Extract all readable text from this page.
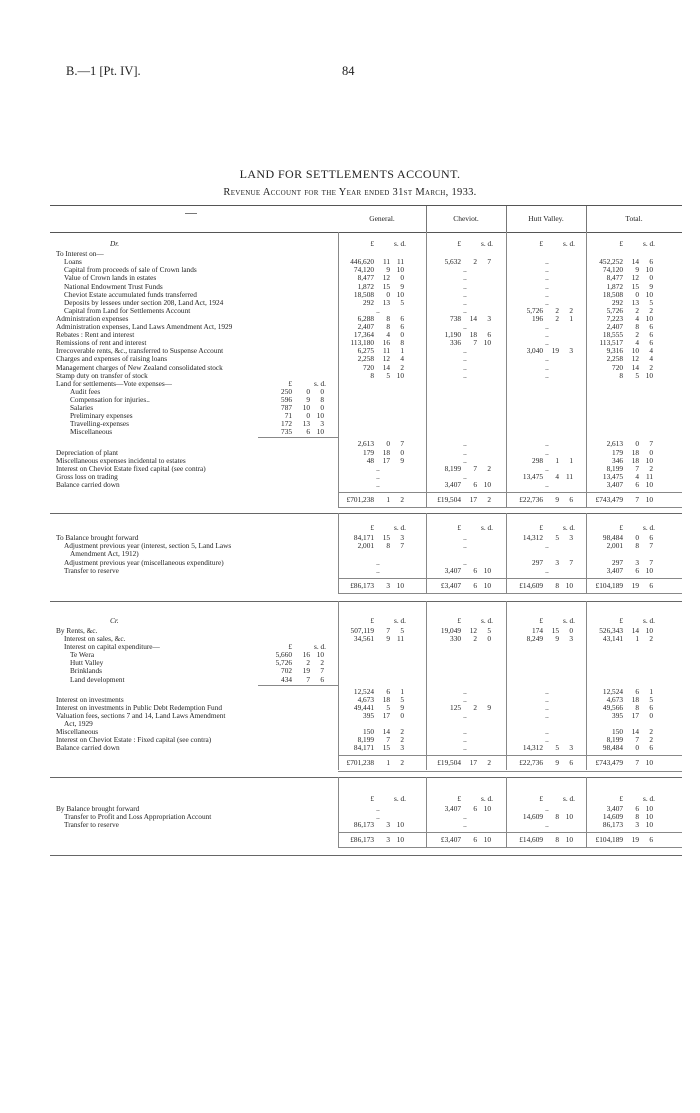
B.—1 [Pt. IV].	84
LAND FOR SETTLEMENTS ACCOUNT.
Revenue Account for the Year ended 31st March, 1933.
General.	Cheviot.	Hutt Valley.	Total.
Dr.	£	s. d.	£	s. d.	£	s. d.	£	s. d.
To Interest on—
Loans	446,620	11 11	5,632	2	7	..	452,252	14	6
Capital from proceeds of sale of Crown lands	74,120	9 10	..	..	74,120	9 10
Value of Crown lands in estates	8,477	12	0	..	..	8,477	12	0
National Endowment Trust Funds	1,872	15	9	..	..	1,872	15	9
Cheviot Estate accumulated funds transferred	18,508	0 10	..	..	18,508	0 10
Deposits by lessees under section 208, Land Act, 1924	292	13	5	..	..	292	13	5
Capital from Land for Settlements Account	..	..	5,726	2	2	5,726	2	2
Administration expenses	6,288	8	6	738	14	3	196	2	1	7,223	4 10
Administration expenses, Land Laws Amendment Act, 1929	2,407	8	6	..	..	2,407	8	6
Rebates : Rent and interest	17,364	4	0	1,190	18	6	..	18,555	2	6
Remissions of rent and interest	113,180	16	8	336	7 10	..	113,517	4	6
Irrecoverable rents, &c., transferred to Suspense Account	6,275	11	1	..	3,040	19	3	9,316	10	4
Charges and expenses of raising loans	2,258	12	4	..	..	2,258	12	4
Management charges of New Zealand consolidated stock	720	14	2	..	..	720	14	2
Stamp duty on transfer of stock	8	5 10	..	..	8	5 10
Land for settlements—Vote expenses—	£	s. d.
Audit fees	250	0	0
Compensation for injuries..	596	9	8
Salaries	787	10	0
Preliminary expenses	71	0 10
Travelling-expenses	172	13	3
Miscellaneous	735	6 10
2,613	0	7	..	..	2,613	0	7
Depreciation of plant	179	18	0	..	..	179	18	0
Miscellaneous expenses incidental to estates	48	17	9	..	298	1	1	346	18 10
Interest on Cheviot Estate fixed capital (see contra)	..	8,199	7	2	..	8,199	7	2
Gross loss on trading	..	..	13,475	4 11	13,475	4 11
Balance carried down	..	3,407	6 10	..	3,407	6 10
£701,238	1	2	£19,504	17	2	£22,736	9	6	£743,479	7 10
£	s. d.	£	s. d.	£	s. d.	£	s. d.
To Balance brought forward	84,171	15	3	..	14,312	5	3	98,484	0	6
Adjustment previous year (interest, section 5, Land Laws	2,001	8	7	..	..	2,001	8	7
Amendment Act, 1912)
Adjustment previous year (miscellaneous expenditure)	..	..	297	3	7	297	3	7
Transfer to reserve	..	3,407	6 10	..	3,407	6 10
£86,173	3 10	£3,407	6 10	£14,609	8 10	£104,189	19	6
Cr.	£	s. d.	£	s. d.	£	s. d.	£	s. d.
By Rents, &c.	507,119	7	5	19,049	12	5	174	15	0	526,343	14 10
Interest on sales, &c.	34,561	9 11	330	2	0	8,249	9	3	43,141	1	2
Interest on capital expenditure—	£	s. d.
Te Wera	5,660	16 10
Hutt Valley	5,726	2	2
Brinklands	702	19	7
Land development	434	7	6
12,524	6	1	..	..	12,524	6	1
Interest on investments	4,673	18	5	..	..	4,673	18	5
Interest on investments in Public Debt Redemption Fund	49,441	5	9	125	2	9	..	49,566	8	6
Valuation fees, sections 7 and 14, Land Laws Amendment	395	17	0	..	..	395	17	0
Act, 1929
Miscellaneous	150	14	2	..	..	150	14	2
Interest on Cheviot Estate : Fixed capital (see contra)	8,199	7	2	..	..	8,199	7	2
Balance carried down	84,171	15	3	..	14,312	5	3	98,484	0	6
£701,238	1	2	£19,504	17	2	£22,736	9	6	£743,479	7 10
£	s. d.	£	s. d.	£	s. d.	£	s. d.
By Balance brought forward	..	3,407	6 10	..	3,407	6 10
Transfer to Profit and Loss Appropriation Account	..	..	14,609	8 10	14,609	8 10
Transfer to reserve	86,173	3 10	..	..	86,173	3 10
£86,173	3 10	£3,407	6 10	£14,609	8 10	£104,189	19	6
